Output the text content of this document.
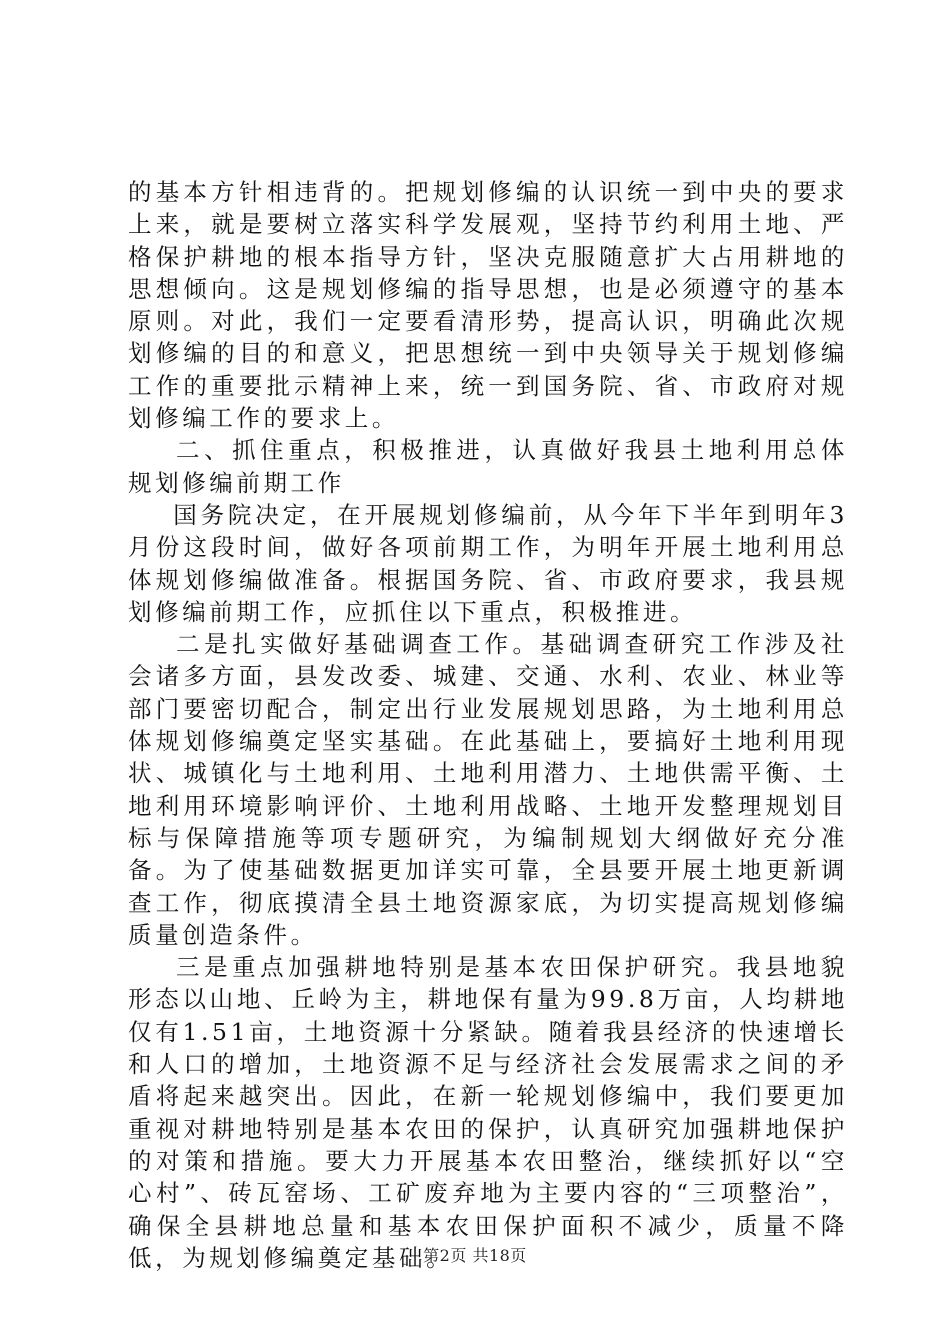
的基本方针相违背的。把规划修编的认识统一到中央的要求上来，就是要树立落实科学发展观，坚持节约利用土地、严格保护耕地的根本指导方针，坚决克服随意扩大占用耕地的思想倾向。这是规划修编的指导思想，也是必须遵守的基本原则。对此，我们一定要看清形势，提高认识，明确此次规划修编的目的和意义，把思想统一到中央领导关于规划修编工作的重要批示精神上来，统一到国务院、省、市政府对规划修编工作的要求上。

二、抓住重点，积极推进，认真做好我县土地利用总体规划修编前期工作

国务院决定，在开展规划修编前，从今年下半年到明年3月份这段时间，做好各项前期工作，为明年开展土地利用总体规划修编做准备。根据国务院、省、市政府要求，我县规划修编前期工作，应抓住以下重点，积极推进。

二是扎实做好基础调查工作。基础调查研究工作涉及社会诸多方面，县发改委、城建、交通、水利、农业、林业等部门要密切配合，制定出行业发展规划思路，为土地利用总体规划修编奠定坚实基础。在此基础上，要搞好土地利用现状、城镇化与土地利用、土地利用潜力、土地供需平衡、土地利用环境影响评价、土地利用战略、土地开发整理规划目标与保障措施等项专题研究，为编制规划大纲做好充分准备。为了使基础数据更加详实可靠，全县要开展土地更新调查工作，彻底摸清全县土地资源家底，为切实提高规划修编质量创造条件。

三是重点加强耕地特别是基本农田保护研究。我县地貌形态以山地、丘岭为主，耕地保有量为99.8万亩，人均耕地仅有1.51亩，土地资源十分紧缺。随着我县经济的快速增长和人口的增加，土地资源不足与经济社会发展需求之间的矛盾将起来越突出。因此，在新一轮规划修编中，我们要更加重视对耕地特别是基本农田的保护，认真研究加强耕地保护的对策和措施。要大力开展基本农田整治，继续抓好以“空心村”、砖瓦窑场、工矿废弃地为主要内容的“三项整治”，确保全县耕地总量和基本农田保护面积不减少，质量不降低，为规划修编奠定基础。

第2页 共18页
